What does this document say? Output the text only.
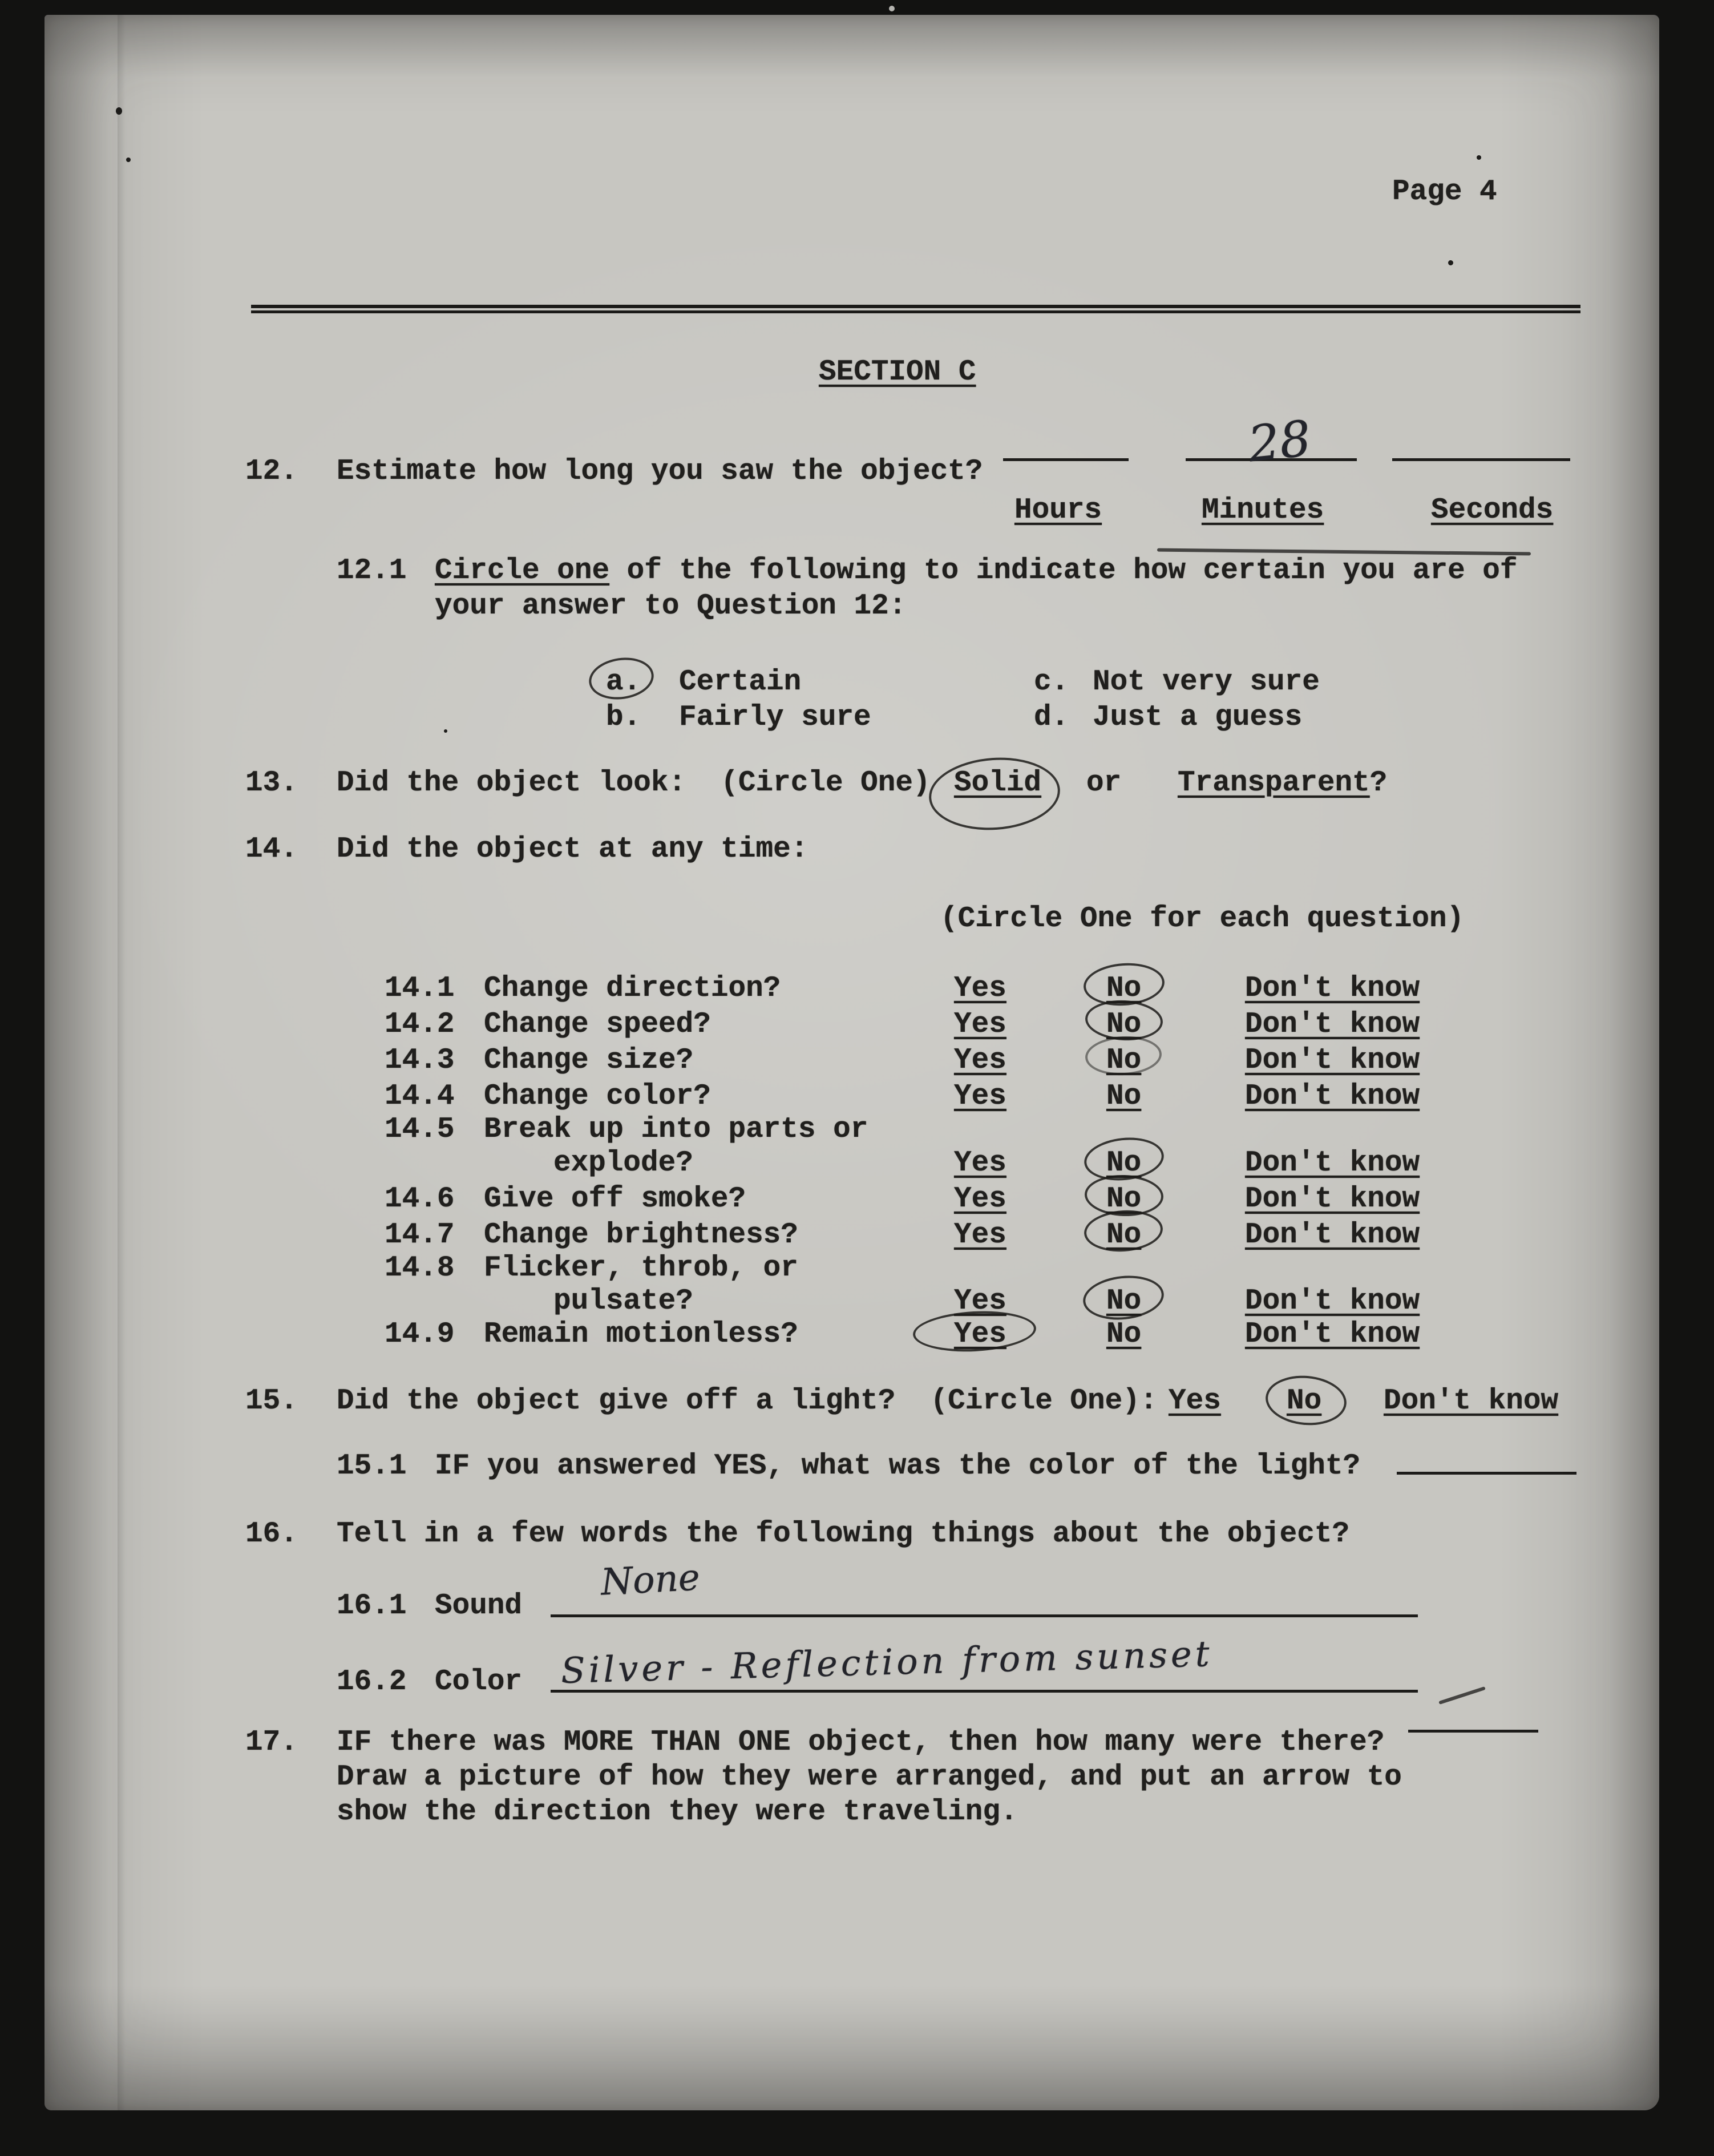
Page 4
SECTION C
12. Estimate how long you saw the object?	28
Hours	Minutes	Seconds
12.1 Circle one of the following to indicate how certain you are of
your answer to Question 12:
a. Certain	c. Not very sure
b. Fairly sure	d. Just a guess
13. Did the object look:  (Circle One) Solid or Transparent?
14. Did the object at any time:
(Circle One for each question)
14.1 Change direction?	Yes	No	Don't know
14.2 Change speed?	Yes	No	Don't know
14.3 Change size?	Yes	No	Don't know
14.4 Change color?	Yes	No	Don't know
14.5 Break up into parts or
explode?	Yes	No	Don't know
14.6 Give off smoke?	Yes	No	Don't know
14.7 Change brightness?	Yes	No	Don't know
14.8 Flicker, throb, or
pulsate?	Yes	No	Don't know
14.9 Remain motionless?	Yes	No	Don't know
15. Did the object give off a light?  (Circle One): Yes No Don't know
15.1 IF you answered YES, what was the color of the light?
16. Tell in a few words the following things about the object?
16.1 Sound
None
16.2 Color Silver - Reflection from sunset
17. IF there was MORE THAN ONE object, then how many were there?
Draw a picture of how they were arranged, and put an arrow to
show the direction they were traveling.
